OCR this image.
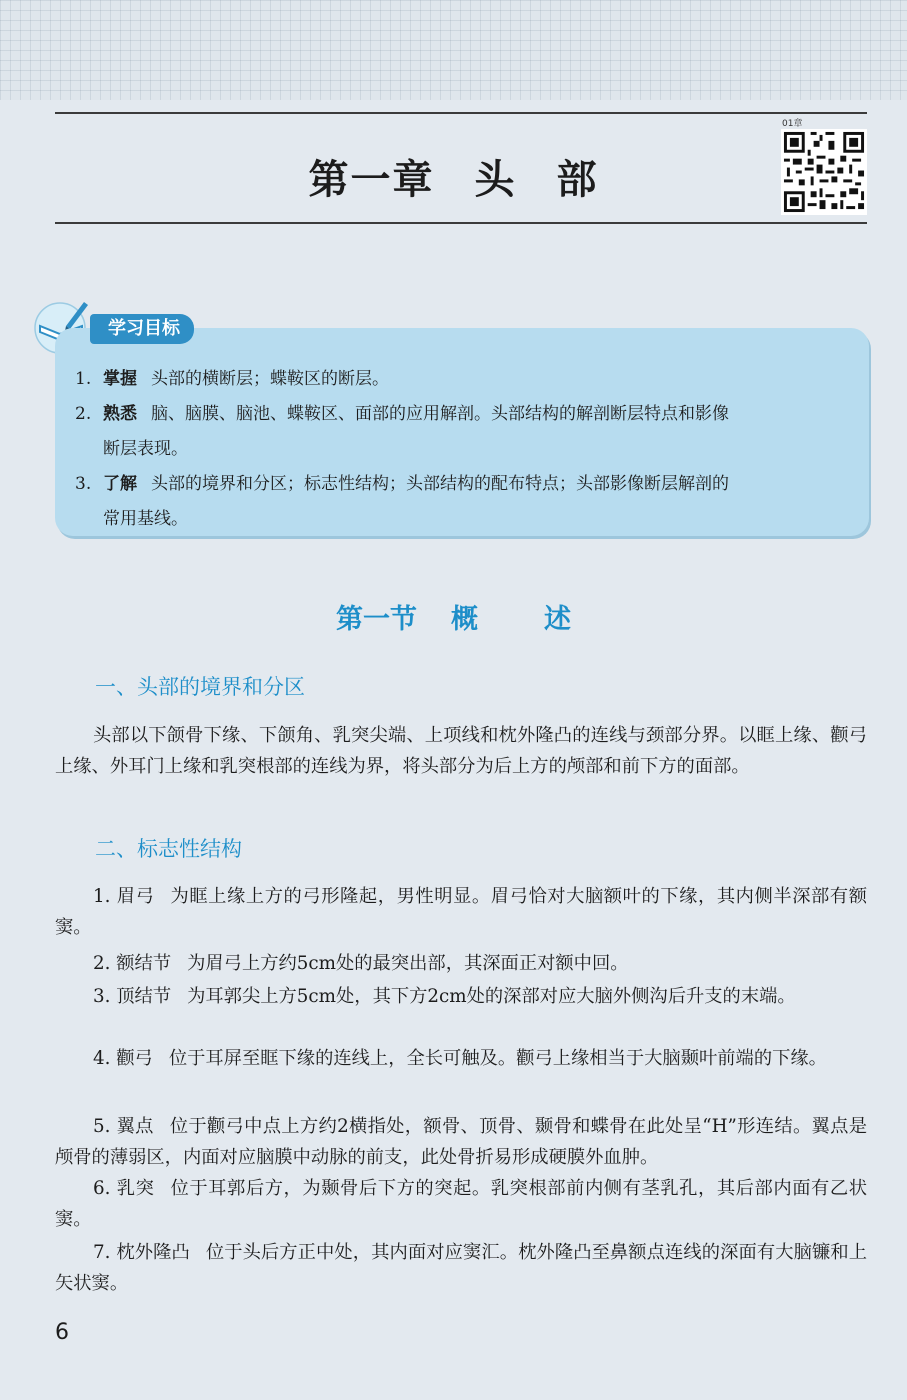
第一章 头 部
01章
学习目标
1. 掌握 头部的横断层；蝶鞍区的断层。
2. 熟悉 脑、脑膜、脑池、蝶鞍区、面部的应用解剖。头部结构的解剖断层特点和影像
断层表现。
3. 了解 头部的境界和分区；标志性结构；头部结构的配布特点；头部影像断层解剖的
常用基线。
第一节 概 述
一、头部的境界和分区
头部以下颌骨下缘、下颌角、乳突尖端、上项线和枕外隆凸的连线与颈部分界。以眶上缘、颧弓上缘、外耳门上缘和乳突根部的连线为界，将头部分为后上方的颅部和前下方的面部。
二、标志性结构
1. 眉弓 为眶上缘上方的弓形隆起，男性明显。眉弓恰对大脑额叶的下缘，其内侧半深部有额窦。
2. 额结节 为眉弓上方约5cm处的最突出部，其深面正对额中回。
3. 顶结节 为耳郭尖上方5cm处，其下方2cm处的深部对应大脑外侧沟后升支的末端。
4. 颧弓 位于耳屏至眶下缘的连线上，全长可触及。颧弓上缘相当于大脑颞叶前端的下缘。
5. 翼点 位于颧弓中点上方约2横指处，额骨、顶骨、颞骨和蝶骨在此处呈“H”形连结。翼点是颅骨的薄弱区，内面对应脑膜中动脉的前支，此处骨折易形成硬膜外血肿。
6. 乳突 位于耳郭后方，为颞骨后下方的突起。乳突根部前内侧有茎乳孔，其后部内面有乙状窦。
7. 枕外隆凸 位于头后方正中处，其内面对应窦汇。枕外隆凸至鼻额点连线的深面有大脑镰和上矢状窦。
6
